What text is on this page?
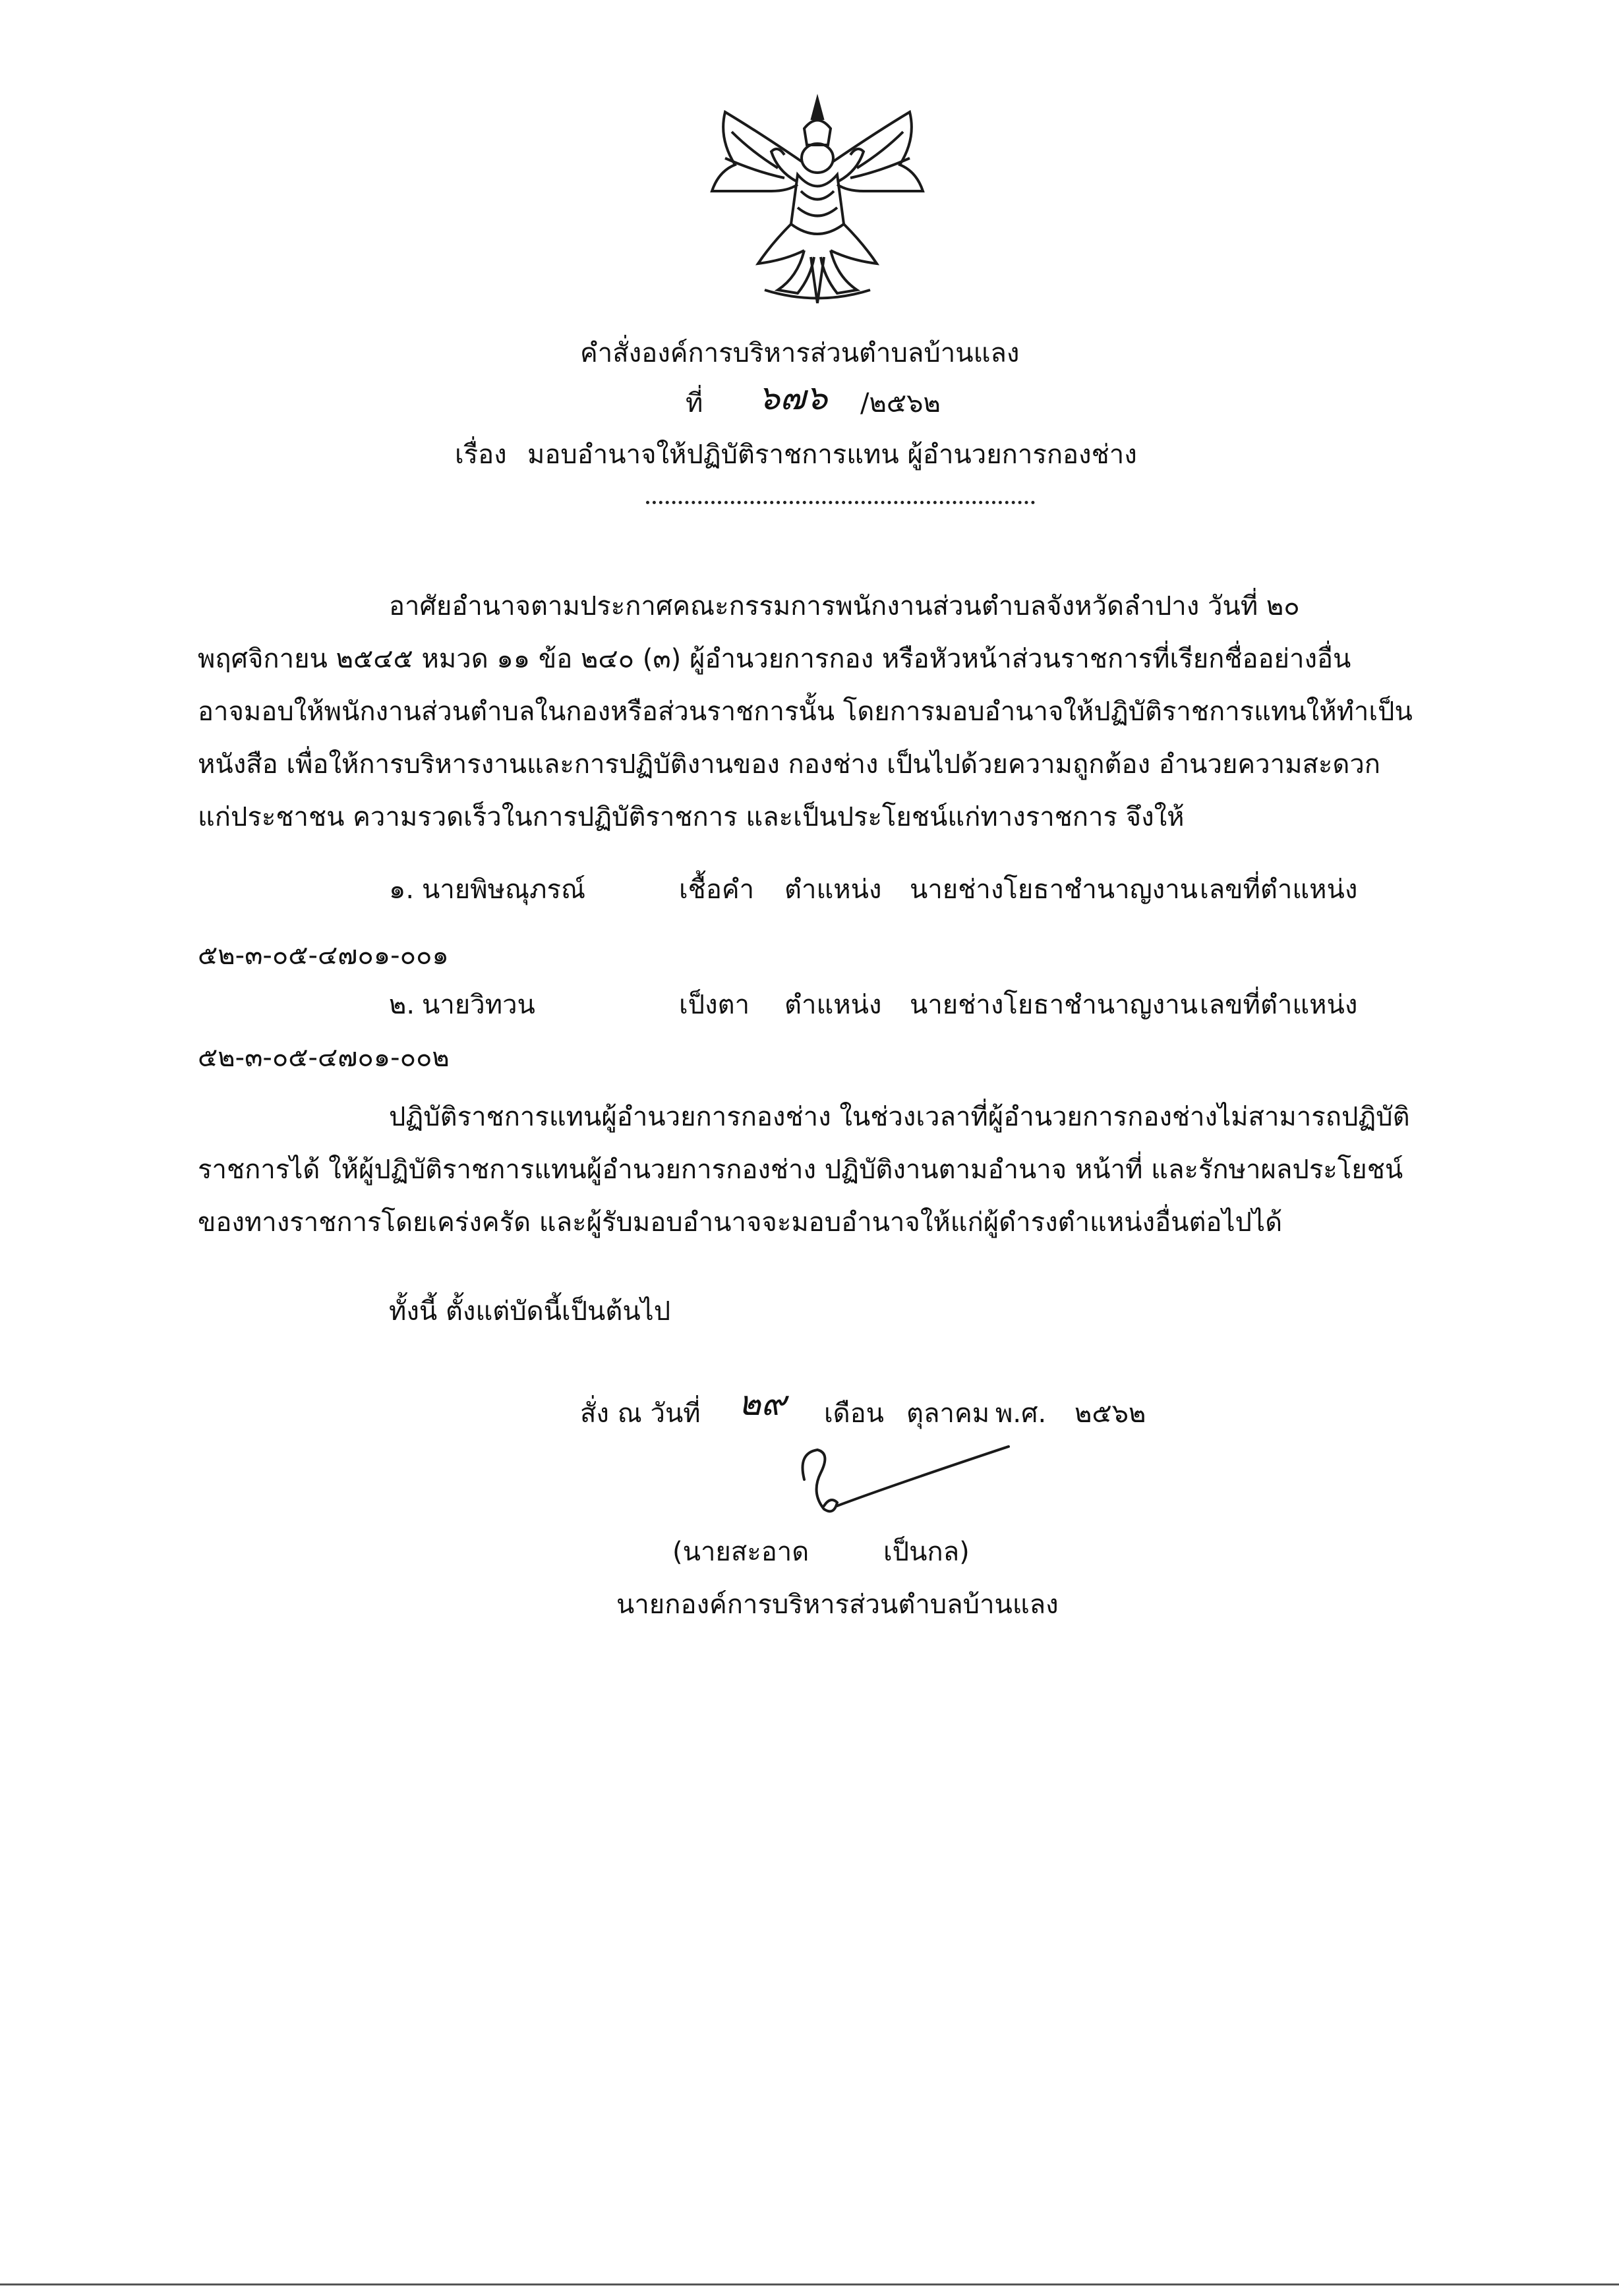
คำสั่งองค์การบริหารส่วนตำบลบ้านแลง
ที่ ๖๗๖ /๒๕๖๒
เรื่อง มอบอำนาจให้ปฏิบัติราชการแทน ผู้อำนวยการกองช่าง
อาศัยอำนาจตามประกาศคณะกรรมการพนักงานส่วนตำบลจังหวัดลำปาง วันที่ ๒๐
พฤศจิกายน ๒๕๔๕ หมวด ๑๑ ข้อ ๒๔๐ (๓) ผู้อำนวยการกอง หรือหัวหน้าส่วนราชการที่เรียกชื่ออย่างอื่น
อาจมอบให้พนักงานส่วนตำบลในกองหรือส่วนราชการนั้น โดยการมอบอำนาจให้ปฏิบัติราชการแทนให้ทำเป็น
หนังสือ เพื่อให้การบริหารงานและการปฏิบัติงานของ กองช่าง เป็นไปด้วยความถูกต้อง อำนวยความสะดวก
แก่ประชาชน ความรวดเร็วในการปฏิบัติราชการ และเป็นประโยชน์แก่ทางราชการ จึงให้
๑. นายพิษณุภรณ์	เชื้อคำ ตำแหน่ง นายช่างโยธาชำนาญงาน เลขที่ตำแหน่ง
๕๒-๓-๐๕-๔๗๐๑-๐๐๑
๒. นายวิทวน	เป็งตา ตำแหน่ง นายช่างโยธาชำนาญงาน เลขที่ตำแหน่ง
๕๒-๓-๐๕-๔๗๐๑-๐๐๒
ปฏิบัติราชการแทนผู้อำนวยการกองช่าง ในช่วงเวลาที่ผู้อำนวยการกองช่างไม่สามารถปฏิบัติ
ราชการได้ ให้ผู้ปฏิบัติราชการแทนผู้อำนวยการกองช่าง ปฏิบัติงานตามอำนาจ หน้าที่ และรักษาผลประโยชน์
ของทางราชการโดยเคร่งครัด และผู้รับมอบอำนาจจะมอบอำนาจให้แก่ผู้ดำรงตำแหน่งอื่นต่อไปได้
ทั้งนี้ ตั้งแต่บัดนี้เป็นต้นไป
สั่ง ณ วันที่ ๒๙ เดือน ตุลาคม พ.ศ. ๒๕๖๒
(นายสะอาด	เป็นกล)
นายกองค์การบริหารส่วนตำบลบ้านแลง
